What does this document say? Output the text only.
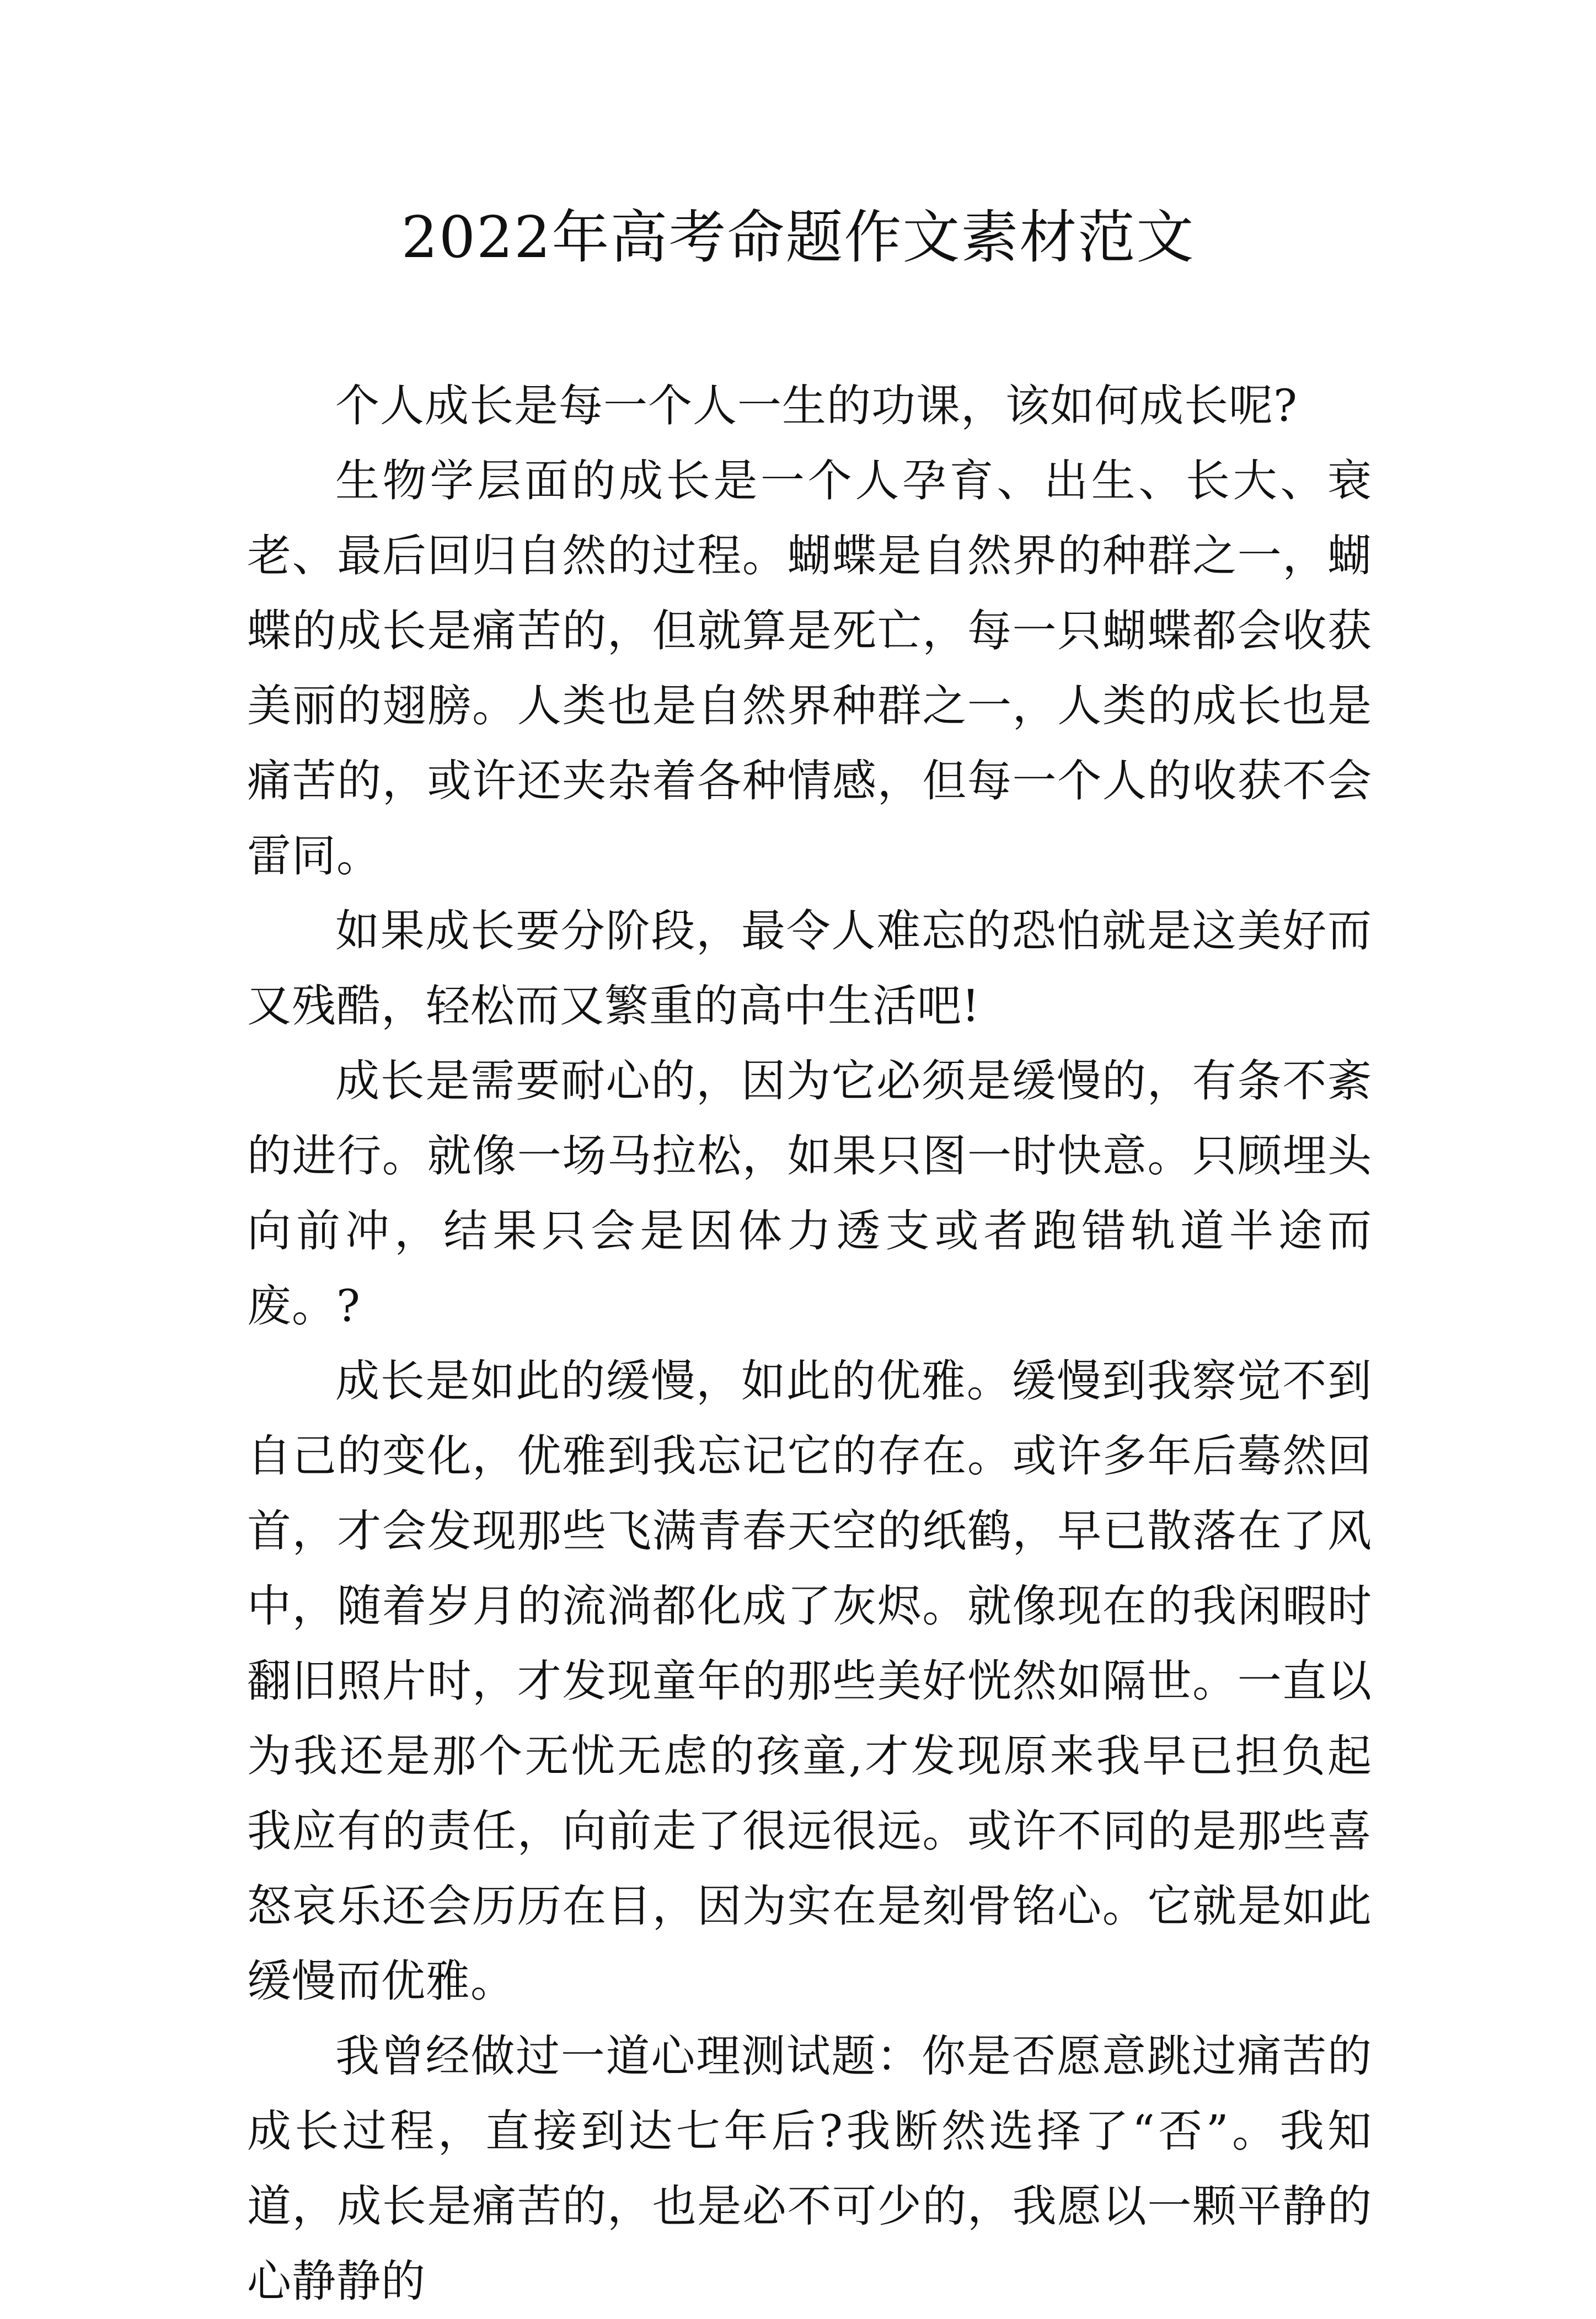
2022年高考命题作文素材范文

个人成长是每一个人一生的功课，该如何成长呢?

生物学层面的成长是一个人孕育、出生、长大、衰老、最后回归自然的过程。蝴蝶是自然界的种群之一，蝴蝶的成长是痛苦的，但就算是死亡，每一只蝴蝶都会收获美丽的翅膀。人类也是自然界种群之一，人类的成长也是痛苦的，或许还夹杂着各种情感，但每一个人的收获不会雷同。

如果成长要分阶段，最令人难忘的恐怕就是这美好而又残酷，轻松而又繁重的高中生活吧!

成长是需要耐心的，因为它必须是缓慢的，有条不紊的进行。就像一场马拉松，如果只图一时快意。只顾埋头向前冲，结果只会是因体力透支或者跑错轨道半途而废。?

成长是如此的缓慢，如此的优雅。缓慢到我察觉不到自己的变化，优雅到我忘记它的存在。或许多年后蓦然回首，才会发现那些飞满青春天空的纸鹤，早已散落在了风中，随着岁月的流淌都化成了灰烬。就像现在的我闲暇时翻旧照片时，才发现童年的那些美好恍然如隔世。一直以为我还是那个无忧无虑的孩童,才发现原来我早已担负起我应有的责任，向前走了很远很远。或许不同的是那些喜怒哀乐还会历历在目，因为实在是刻骨铭心。它就是如此缓慢而优雅。

我曾经做过一道心理测试题：你是否愿意跳过痛苦的成长过程，直接到达七年后?我断然选择了“否”。我知道，成长是痛苦的，也是必不可少的，我愿以一颗平静的心静静的
